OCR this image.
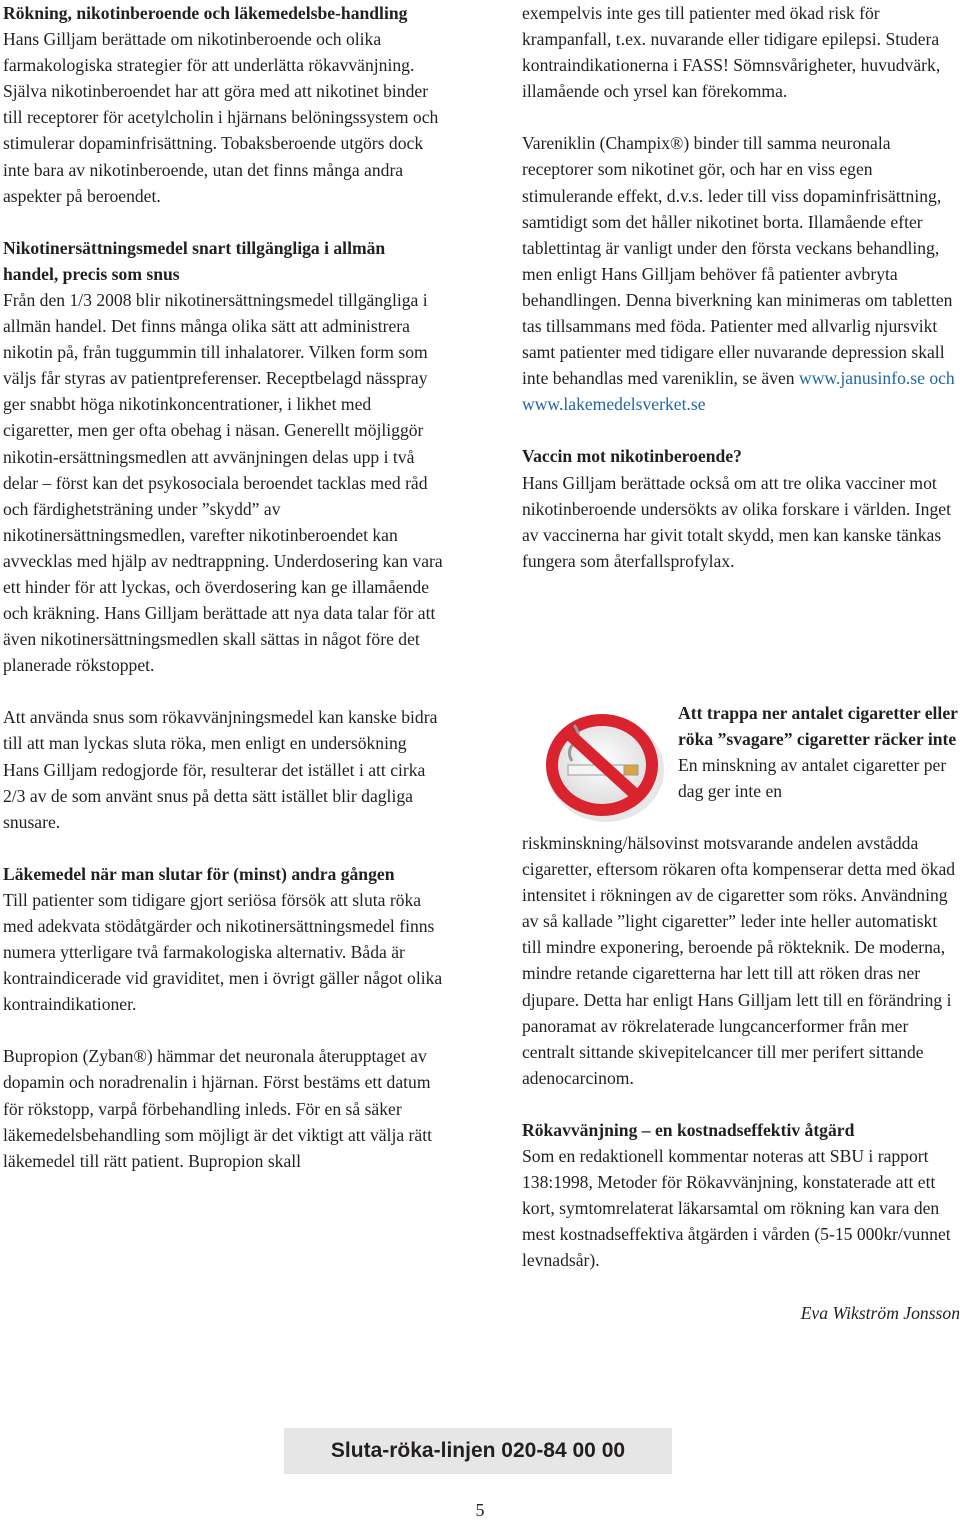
Rökning, nikotinberoende och läkemedelsbe-handling

Hans Gilljam berättade om nikotinberoende och olika farmakologiska strategier för att underlätta rökavvänjning. Själva nikotinberoendet har att göra med att nikotinet binder till receptorer för acetylcholin i hjärnans belöningssystem och stimulerar dopaminfrisättning. Tobaksberoende utgörs dock inte bara av nikotinberoende, utan det finns många andra aspekter på beroendet.

Nikotinersättningsmedel snart tillgängliga i allmän handel, precis som snus

Från den 1/3 2008 blir nikotinersättningsmedel tillgängliga i allmän handel. Det finns många olika sätt att administrera nikotin på, från tuggummin till inhalatorer. Vilken form som väljs får styras av patientpreferenser. Receptbelagd nässpray ger snabbt höga nikotinkoncentrationer, i likhet med cigaretter, men ger ofta obehag i näsan. Generellt möjliggör nikotin-ersättningsmedlen att avvänjningen delas upp i två delar – först kan det psykosociala beroendet tacklas med råd och färdighetsträning under ”skydd” av nikotinersättningsmedlen, varefter nikotinberoendet kan avvecklas med hjälp av nedtrappning. Underdosering kan vara ett hinder för att lyckas, och överdosering kan ge illamående och kräkning. Hans Gilljam berättade att nya data talar för att även nikotinersättningsmedlen skall sättas in något före det planerade rökstoppet.

Att använda snus som rökavvänjningsmedel kan kanske bidra till att man lyckas sluta röka, men enligt en undersökning Hans Gilljam redogjorde för, resulterar det istället i att cirka 2/3 av de som använt snus på detta sätt istället blir dagliga snusare.

Läkemedel när man slutar för (minst) andra gången

Till patienter som tidigare gjort seriösa försök att sluta röka med adekvata stödåtgärder och nikotinersättningsmedel finns numera ytterligare två farmakologiska alternativ. Båda är kontraindicerade vid graviditet, men i övrigt gäller något olika kontraindikationer.

Bupropion (Zyban®) hämmar det neuronala återupptaget av dopamin och noradrenalin i hjärnan. Först bestäms ett datum för rökstopp, varpå förbehandling inleds. För en så säker läkemedelsbehandling som möjligt är det viktigt att välja rätt läkemedel till rätt patient. Bupropion skall

exempelvis inte ges till patienter med ökad risk för krampanfall, t.ex. nuvarande eller tidigare epilepsi. Studera kontraindikationerna i FASS! Sömnsvårigheter, huvudvärk, illamående och yrsel kan förekomma.

Vareniklin (Champix®) binder till samma neuronala receptorer som nikotinet gör, och har en viss egen stimulerande effekt, d.v.s. leder till viss dopaminfrisättning, samtidigt som det håller nikotinet borta. Illamående efter tablettintag är vanligt under den första veckans behandling, men enligt Hans Gilljam behöver få patienter avbryta behandlingen. Denna biverkning kan minimeras om tabletten tas tillsammans med föda. Patienter med allvarlig njursvikt samt patienter med tidigare eller nuvarande depression skall inte behandlas med vareniklin, se även www.janusinfo.se och www.lakemedelsverket.se

Vaccin mot nikotinberoende?

Hans Gilljam berättade också om att tre olika vacciner mot nikotinberoende undersökts av olika forskare i världen. Inget av vaccinerna har givit totalt skydd, men kan kanske tänkas fungera som återfallsprofylax.

Att trappa ner antalet cigaretter eller röka ”svagare” cigaretter räcker inte

En minskning av antalet cigaretter per dag ger inte en

riskminskning/hälsovinst motsvarande andelen avstådda cigaretter, eftersom rökaren ofta kompenserar detta med ökad intensitet i rökningen av de cigaretter som röks. Användning av så kallade ”light cigaretter” leder inte heller automatiskt till mindre exponering, beroende på rökteknik. De moderna, mindre retande cigaretterna har lett till att röken dras ner djupare. Detta har enligt Hans Gilljam lett till en förändring i panoramat av rökrelaterade lungcancerformer från mer centralt sittande skivepitelcancer till mer perifert sittande adenocarcinom.

Rökavvänjning – en kostnadseffektiv åtgärd

Som en redaktionell kommentar noteras att SBU i rapport 138:1998, Metoder för Rökavvänjning, konstaterade att ett kort, symtomrelaterat läkarsamtal om rökning kan vara den mest kostnadseffektiva åtgärden i vården (5-15 000kr/vunnet levnadsår).

Eva Wikström Jonsson

Sluta-röka-linjen 020-84 00 00
5
